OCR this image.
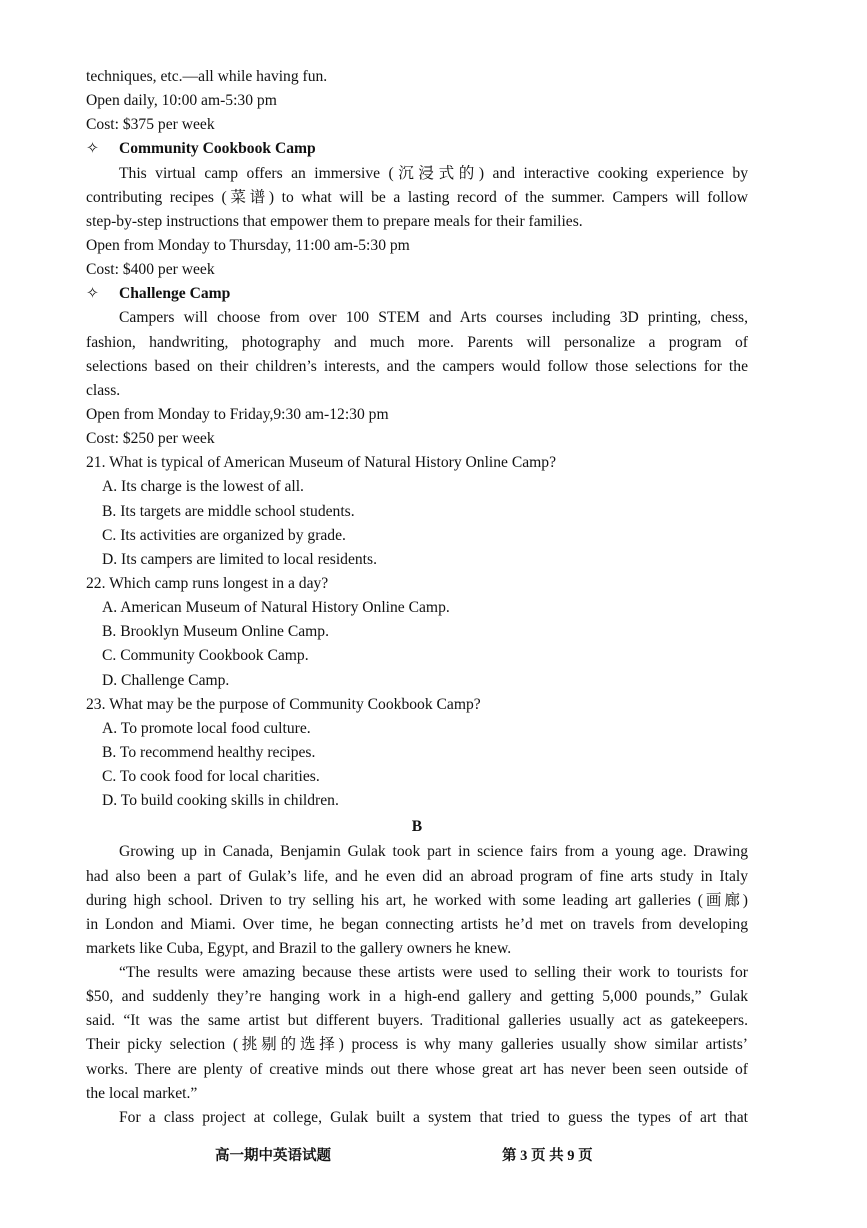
techniques, etc.—all while having fun.
Open daily, 10:00 am-5:30 pm
Cost: $375 per week
✧ Community Cookbook Camp
This virtual camp offers an immersive (沉浸式的) and interactive cooking experience by
contributing recipes (菜谱) to what will be a lasting record of the summer. Campers will follow
step-by-step instructions that empower them to prepare meals for their families.
Open from Monday to Thursday, 11:00 am-5:30 pm
Cost: $400 per week
✧ Challenge Camp
Campers will choose from over 100 STEM and Arts courses including 3D printing, chess,
fashion, handwriting, photography and much more. Parents will personalize a program of
selections based on their children’s interests, and the campers would follow those selections for the
class.
Open from Monday to Friday,9:30 am-12:30 pm
Cost: $250 per week
21. What is typical of American Museum of Natural History Online Camp?
A. Its charge is the lowest of all.
B. Its targets are middle school students.
C. Its activities are organized by grade.
D. Its campers are limited to local residents.
22. Which camp runs longest in a day?
A. American Museum of Natural History Online Camp.
B. Brooklyn Museum Online Camp.
C. Community Cookbook Camp.
D. Challenge Camp.
23. What may be the purpose of Community Cookbook Camp?
A. To promote local food culture.
B. To recommend healthy recipes.
C. To cook food for local charities.
D. To build cooking skills in children.
B
Growing up in Canada, Benjamin Gulak took part in science fairs from a young age. Drawing
had also been a part of Gulak’s life, and he even did an abroad program of fine arts study in Italy
during high school. Driven to try selling his art, he worked with some leading art galleries (画廊)
in London and Miami. Over time, he began connecting artists he’d met on travels from developing
markets like Cuba, Egypt, and Brazil to the gallery owners he knew.
“The results were amazing because these artists were used to selling their work to tourists for
$50, and suddenly they’re hanging work in a high-end gallery and getting 5,000 pounds,” Gulak
said. “It was the same artist but different buyers. Traditional galleries usually act as gatekeepers.
Their picky selection (挑剔的选择) process is why many galleries usually show similar artists’
works. There are plenty of creative minds out there whose great art has never been seen outside of
the local market.”
For a class project at college, Gulak built a system that tried to guess the types of art that
高一期中英语试题	第 3 页 共 9 页
